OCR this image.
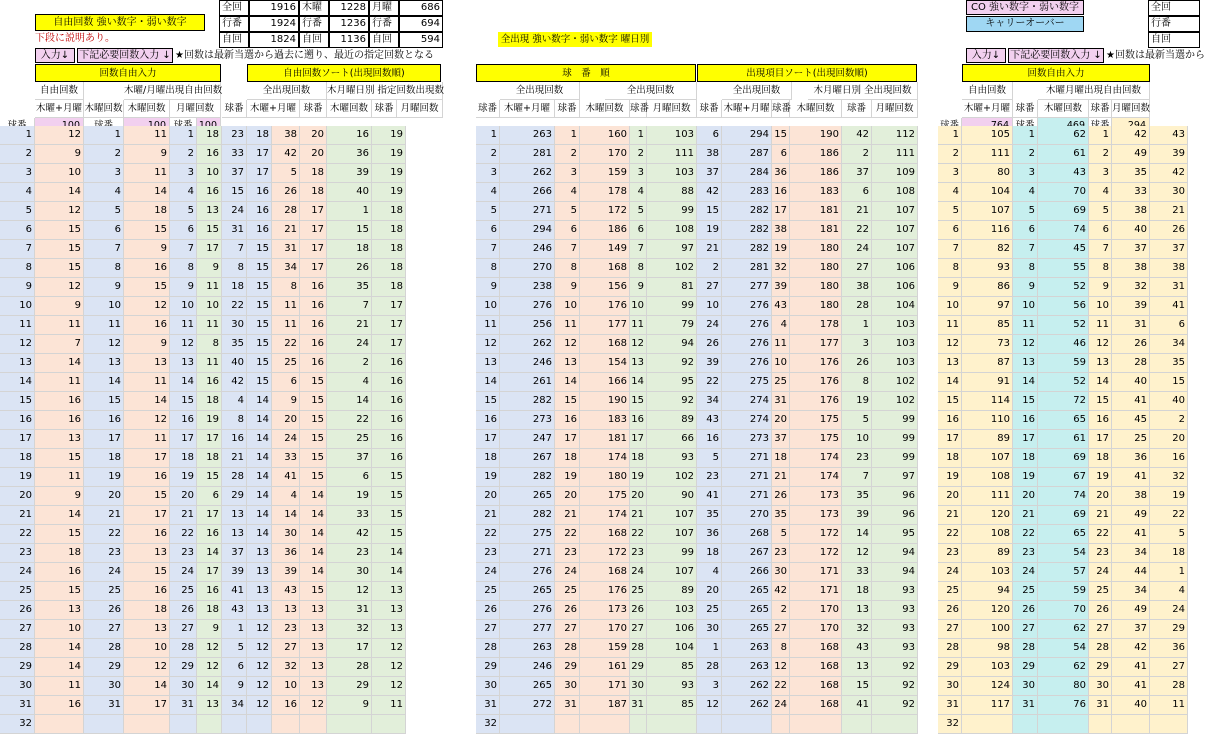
自由回数 強い数字・弱い数字
下段に説明あり。
全回	1916 木曜	1228 月曜	686
行番	1924 行番	1236 行番	694
自回	1824 自回	1136 自回	594	全出現 強い数字・弱い数字 曜日別
CO 強い数字・弱い数字
キャリーオーバー
全回
行番
自回
入力↓	下記必要回数入力 ↓ ★回数は最新当選から過去に遡り、最近の指定回数となる	入力↓	下記必要回数入力 ↓ ★回数は最新当選から
回数自由入力
自由回数	木曜/月曜出現自由回数
木曜+月曜 木曜回数 木曜回数	月曜回数
1	12	1	11	1	18
2	9	2	9	2	16
3	10	3	11	3	10
4	14	4	14	4	16
5	12	5	18	5	13
6	15	6	15	6	15
7	15	7	9	7	17
8	15	8	16	8	9
9	12	9	15	9	11
10	9	10	12	10	10
11	11	11	16	11	11
12	7	12	9	12	8
13	14	13	13	13	11
14	11	14	11	14	16
15	16	15	14	15	18
16	16	16	12	16	19
17	13	17	11	17	17
18	15	18	17	18	18
19	11	19	16	19	15
20	9	20	15	20	6
21	14	21	17	21	17
22	15	22	16	22	16
23	18	23	13	23	14
24	16	24	15	24	17
25	15	25	16	25	16
26	13	26	18	26	18
27	10	27	13	27	9
28	14	28	10	28	12
29	14	29	12	29	12
30	11	30	14	30	14
31	16	31	17	31	13
32
自由回数ソート(出現回数順)
全出現回数	木月曜日別 指定回数出現数
球番 木曜+月曜 球番 木曜回数 球番 月曜回数
23	18	38	20	16	19
33	17	42	20	36	19
37	17	5	18	39	19
15	16	26	18	40	19
24	16	28	17	1	18
31	16	21	17	15	18
7	15	31	17	18	18
8	15	34	17	26	18
18	15	8	16	35	18
22	15	11	16	7	17
30	15	11	16	21	17
35	15	22	16	24	17
40	15	25	16	2	16
42	15	6	15	4	16
4	14	9	15	14	16
8	14	20	15	22	16
16	14	24	15	25	16
21	14	33	15	37	16
28	14	41	15	6	15
29	14	4	14	19	15
13	14	14	14	33	15
13	14	30	14	42	15
37	13	36	14	23	14
39	13	39	14	30	14
41	13	43	15	12	13
43	13	13	13	31	13
1	12	23	13	32	13
5	12	27	13	17	12
6	12	32	13	28	12
9	12	10	13	29	12
34	12	16	12	9	11
球　番　順
全出現回数	全出現回数
球番 木曜+月曜 球番 木曜回数 球番 月曜回数
1	263	1	160	1	103
2	281	2	170	2	111
3	262	3	159	3	103
4	266	4	178	4	88
5	271	5	172	5	99
6	294	6	186	6	108
7	246	7	149	7	97
8	270	8	168	8	102
9	238	9	156	9	81
10	276	10	176 10	99
11	256	11	177 11	79
12	262	12	168 12	94
13	246	13	154 13	92
14	261	14	166 14	95
15	282	15	190 15	92
16	273	16	183 16	89
17	247	17	181 17	66
18	267	18	174 18	93
19	282	19	180 19	102
20	265	20	175 20	90
21	282	21	174 21	107
22	275	22	168 22	107
23	271	23	172 23	99
24	276	24	168 24	107
25	265	25	176 25	89
26	276	26	173 26	103
27	277	27	170 27	106
28	263	28	159 28	104
29	246	29	161 29	85
30	265	30	171 30	93
31	272	31	187 31	85
32
出現項目ソート(出現回数順)
全出現回数	木月曜日別 全出現回数
球番 木曜+月曜 球番 木曜回数	球番 月曜回数
6	294 15	190	42	112
38	287	6	186	2	111
37	284 36	186	37	109
42	283 16	183	6	108
15	282 17	181	21	107
19	282 38	181	22	107
21	282 19	180	24	107
2	281 32	180	27	106
27	277 39	180	38	106
10	276 43	180	28	104
24	276	4	178	1	103
26	276 11	177	3	103
39	276 10	176	26	103
22	275 25	176	8	102
34	274 31	176	19	102
43	274 20	175	5	99
16	273 37	175	10	99
5	271 18	174	23	99
23	271 21	174	7	97
41	271 26	173	35	96
35	270 35	173	39	96
36	268	5	172	14	95
18	267 23	172	12	94
4	266 30	171	33	94
20	265 42	171	18	93
25	265	2	170	13	93
30	265 27	170	32	93
1	263	8	168	43	93
28	263 12	168	13	92
3	262 22	168	15	92
12	262 24	168	41	92
回数自由入力
自由回数	木曜月曜出現自由回数
木曜+月曜 球番 木曜回数 球番 月曜回数
1	105	1	62	1	42	43
2	111	2	61	2	49	39
3	80	3	43	3	35	42
4	104	4	70	4	33	30
5	107	5	69	5	38	21
6	116	6	74	6	40	26
7	82	7	45	7	37	37
8	93	8	55	8	38	38
9	86	9	52	9	32	31
10	97	10	56	10	39	41
11	85	11	52	11	31	6
12	73	12	46	12	26	34
13	87	13	59	13	28	35
14	91	14	52	14	40	15
15	114	15	72	15	41	40
16	110	16	65	16	45	2
17	89	17	61	17	25	20
18	107	18	69	18	36	16
19	108	19	67	19	41	32
20	111	20	74	20	38	19
21	120	21	69	21	49	22
22	108	22	65	22	41	5
23	89	23	54	23	34	18
24	103	24	57	24	44	1
25	94	25	59	25	34	4
26	120	26	70	26	49	24
27	100	27	62	27	37	29
28	98	28	54	28	42	36
29	103	29	62	29	41	27
30	124	30	80	30	41	28
31	117	31	76	31	40	11
32
